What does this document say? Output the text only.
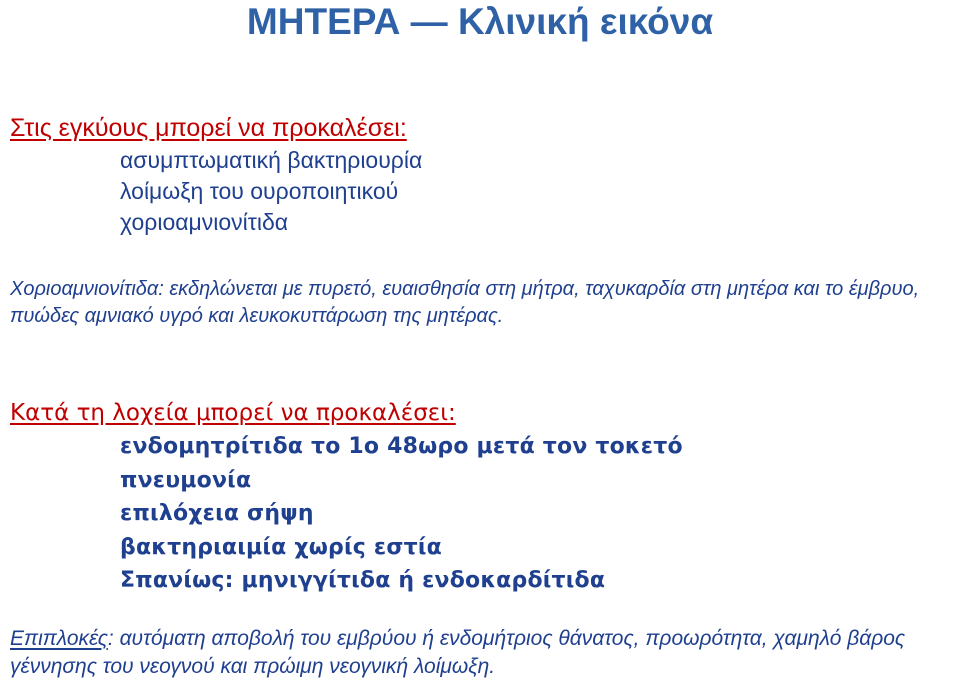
ΜΗΤΕΡΑ — Κλινική εικόνα
Στις εγκύους μπορεί να προκαλέσει:
ασυμπτωματική βακτηριουρία
λοίμωξη του ουροποιητικού
χοριοαμνιονίτιδα
Χοριοαμνιονίτιδα: εκδηλώνεται με πυρετό, ευαισθησία στη μήτρα, ταχυκαρδία στη μητέρα και το έμβρυο, πυώδες αμνιακό υγρό και λευκοκυττάρωση της μητέρας.
Κατά τη λοχεία μπορεί να προκαλέσει:
ενδομητρίτιδα το 1ο 48ωρο μετά τον τοκετό
πνευμονία
επιλόχεια σήψη
βακτηριαιμία χωρίς εστία
Σπανίως: μηνιγγίτιδα ή ενδοκαρδίτιδα
Επιπλοκές: αυτόματη αποβολή του εμβρύου ή ενδομήτριος θάνατος, προωρότητα, χαμηλό βάρος γέννησης του νεογνού και πρώιμη νεογνική λοίμωξη.
